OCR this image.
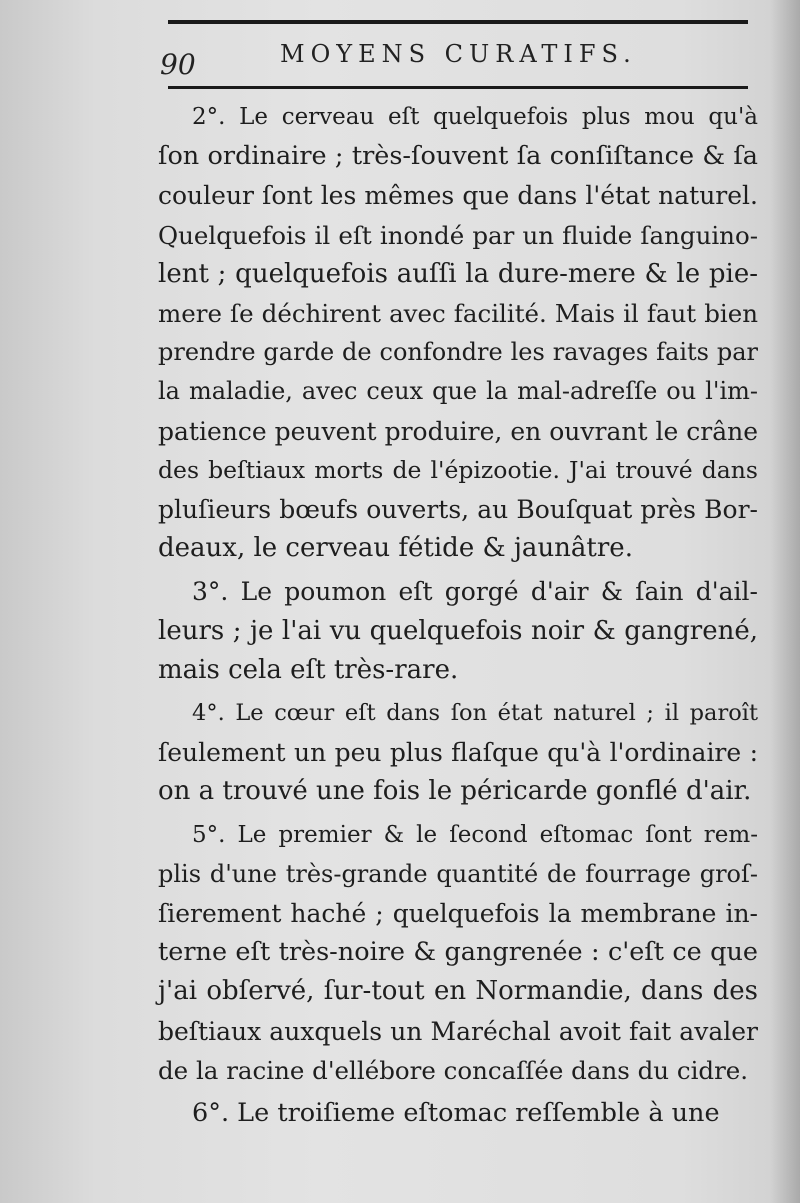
90	MOYENS CURATIFS.
2°. Le cerveau eſt quelquefois plus mou qu'à
ſon ordinaire ; très-ſouvent ſa conſiſtance & ſa
couleur ſont les mêmes que dans l'état naturel.
Quelquefois il eſt inondé par un fluide ſanguino-
lent ; quelquefois auſſi la dure-mere & le pie-
mere ſe déchirent avec facilité. Mais il faut bien
prendre garde de confondre les ravages faits par
la maladie, avec ceux que la mal-adreſſe ou l'im-
patience peuvent produire, en ouvrant le crâne
des beſtiaux morts de l'épizootie. J'ai trouvé dans
pluſieurs bœufs ouverts, au Bouſquat près Bor-
deaux, le cerveau fétide & jaunâtre.
3°. Le poumon eſt gorgé d'air & ſain d'ail-
leurs ; je l'ai vu quelquefois noir & gangrené,
mais cela eſt très-rare.
4°. Le cœur eſt dans ſon état naturel ; il paroît
ſeulement un peu plus flaſque qu'à l'ordinaire :
on a trouvé une fois le péricarde gonflé d'air.
5°. Le premier & le ſecond eſtomac ſont rem-
plis d'une très-grande quantité de fourrage groſ-
ſierement haché ; quelquefois la membrane in-
terne eſt très-noire & gangrenée : c'eſt ce que
j'ai obſervé, ſur-tout en Normandie, dans des
beſtiaux auxquels un Maréchal avoit fait avaler
de la racine d'ellébore concaſſée dans du cidre.
6°. Le troiſieme eſtomac reſſemble à une
